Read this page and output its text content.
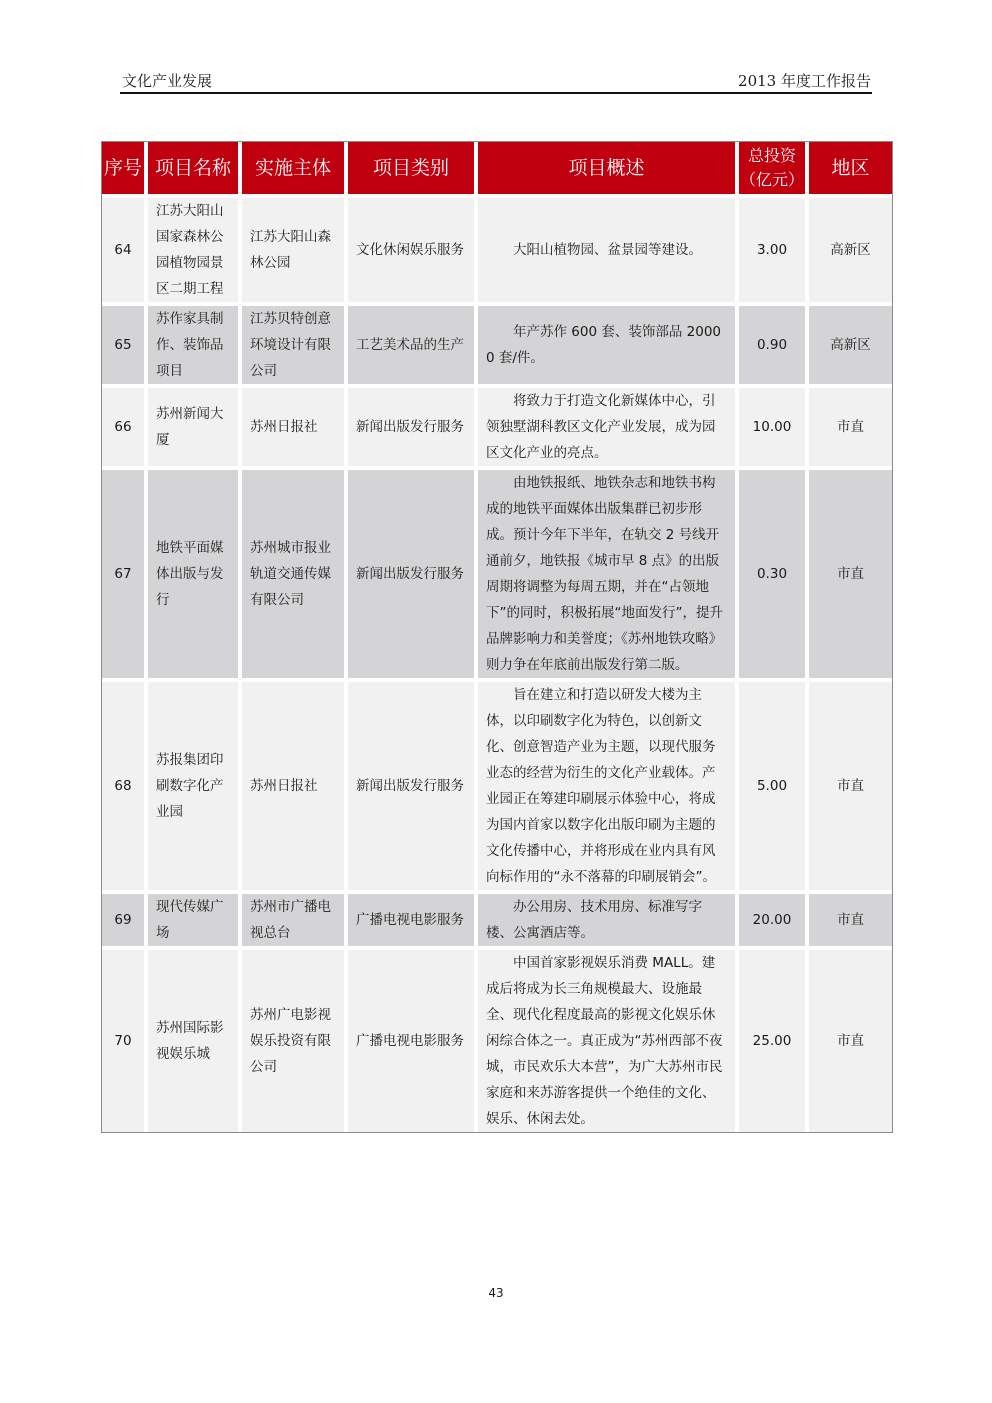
文化产业发展	2013 年度工作报告
序号	项目名称	实施主体	项目类别	项目概述	总投资（亿元）	地区
64	江苏大阳山国家森林公园植物园景区二期工程	江苏大阳山森林公园	文化休闲娱乐服务	大阳山植物园、盆景园等建设。	3.00	高新区
65	苏作家具制作、装饰品项目	江苏贝特创意环境设计有限公司	工艺美术品的生产	年产苏作 600 套、装饰部品 20000 套/件。	0.90	高新区
66	苏州新闻大厦	苏州日报社	新闻出版发行服务	将致力于打造文化新媒体中心，引领独墅湖科教区文化产业发展，成为园区文化产业的亮点。	10.00	市直
67	地铁平面媒体出版与发行	苏州城市报业轨道交通传媒有限公司	新闻出版发行服务	由地铁报纸、地铁杂志和地铁书构成的地铁平面媒体出版集群已初步形成。预计今年下半年，在轨交 2 号线开通前夕，地铁报《城市早 8 点》的出版周期将调整为每周五期，并在“占领地下”的同时，积极拓展“地面发行”，提升品牌影响力和美誉度；《苏州地铁攻略》则力争在年底前出版发行第二版。	0.30	市直
68	苏报集团印刷数字化产业园	苏州日报社	新闻出版发行服务	旨在建立和打造以研发大楼为主体，以印刷数字化为特色，以创新文化、创意智造产业为主题，以现代服务业态的经营为衍生的文化产业载体。产业园正在筹建印刷展示体验中心，将成为国内首家以数字化出版印刷为主题的文化传播中心，并将形成在业内具有风向标作用的“永不落幕的印刷展销会”。	5.00	市直
69	现代传媒广场	苏州市广播电视总台	广播电视电影服务	办公用房、技术用房、标准写字楼、公寓酒店等。	20.00	市直
70	苏州国际影视娱乐城	苏州广电影视娱乐投资有限公司	广播电视电影服务	中国首家影视娱乐消费 MALL。建成后将成为长三角规模最大、设施最全、现代化程度最高的影视文化娱乐休闲综合体之一。真正成为“苏州西部不夜城，市民欢乐大本营”，为广大苏州市民家庭和来苏游客提供一个绝佳的文化、娱乐、休闲去处。	25.00	市直
43
